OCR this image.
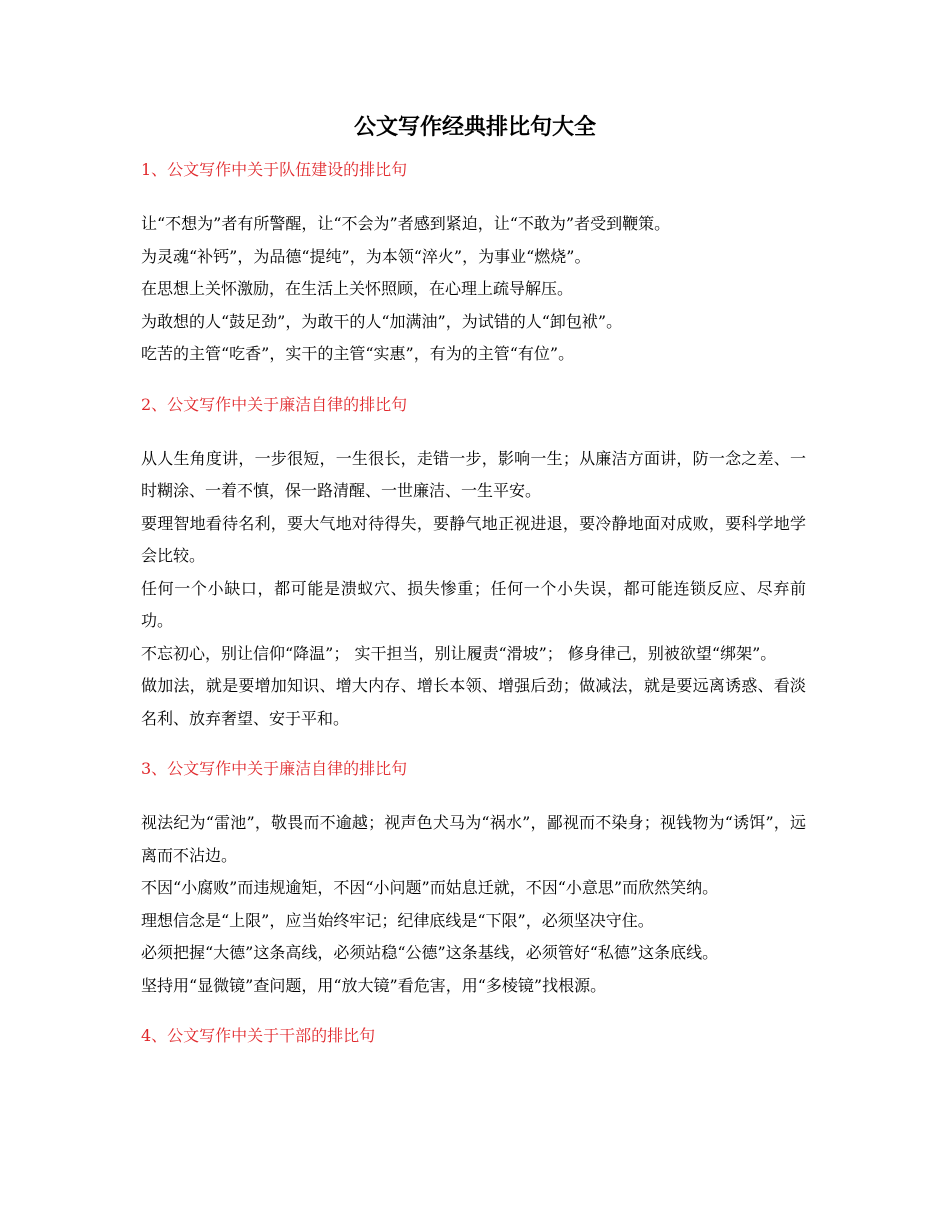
公文写作经典排比句大全
1、公文写作中关于队伍建设的排比句

让“不想为”者有所警醒，让“不会为”者感到紧迫，让“不敢为”者受到鞭策。

为灵魂“补钙”，为品德“提纯”，为本领“淬火”，为事业“燃烧”。

在思想上关怀激励，在生活上关怀照顾，在心理上疏导解压。

为敢想的人“鼓足劲”，为敢干的人“加满油”，为试错的人“卸包袱”。

吃苦的主管“吃香”，实干的主管“实惠”，有为的主管“有位”。

2、公文写作中关于廉洁自律的排比句

从人生角度讲，一步很短，一生很长，走错一步，影响一生；从廉洁方面讲，防一念之差、一时糊涂、一着不慎，保一路清醒、一世廉洁、一生平安。

要理智地看待名利，要大气地对待得失，要静气地正视进退，要冷静地面对成败，要科学地学会比较。

任何一个小缺口，都可能是溃蚁穴、损失惨重；任何一个小失误，都可能连锁反应、尽弃前功。

不忘初心，别让信仰“降温”； 实干担当，别让履责“滑坡”； 修身律己，别被欲望“绑架”。

做加法，就是要增加知识、增大内存、增长本领、增强后劲；做减法，就是要远离诱惑、看淡名利、放弃奢望、安于平和。

3、公文写作中关于廉洁自律的排比句

视法纪为“雷池”，敬畏而不逾越；视声色犬马为“祸水”，鄙视而不染身；视钱物为“诱饵”，远离而不沾边。

不因“小腐败”而违规逾矩，不因“小问题”而姑息迁就，不因“小意思”而欣然笑纳。

理想信念是“上限”，应当始终牢记；纪律底线是“下限”，必须坚决守住。

必须把握“大德”这条高线，必须站稳“公德”这条基线，必须管好“私德”这条底线。

坚持用“显微镜”查问题，用“放大镜”看危害，用“多棱镜”找根源。

4、公文写作中关于干部的排比句
